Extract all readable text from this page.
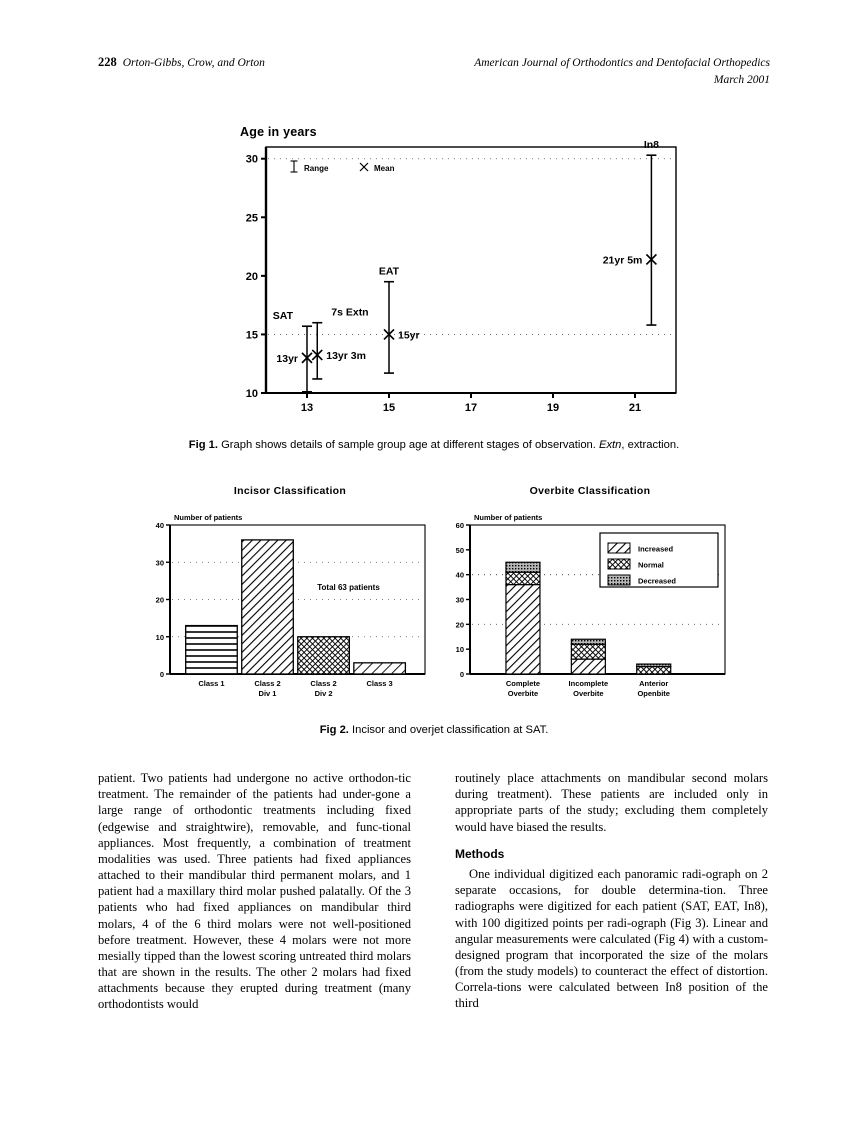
228 Orton-Gibbs, Crow, and Orton	American Journal of Orthodontics and Dentofacial Orthopedics
March 2001
Age in years
10
15
20
25
30
13	15	17	19	21
Range	Mean
SAT
13yr
7s Extn
13yr 3m
EAT
15yr
In8
21yr 5m
Fig 1. Graph shows details of sample group age at different stages of observation. Extn, extraction.
Incisor Classification
Number of patients
0
10
20
30
40
Class 1	Class 2
Div 1
Class 2
Div 2
Class 3
Total 63 patients
Overbite Classification
Number of patients
0
10
20
30
40
50
60
Complete
Overbite
Incomplete
Overbite
Anterior
Openbite
Increased
Normal
Decreased
Fig 2. Incisor and overjet classification at SAT.

patient. Two patients had undergone no active orthodon-tic treatment. The remainder of the patients had under-gone a large range of orthodontic treatments including fixed (edgewise and straightwire), removable, and func-tional appliances. Most frequently, a combination of treatment modalities was used. Three patients had fixed appliances attached to their mandibular third permanent molars, and 1 patient had a maxillary third molar pushed palatally. Of the 3 patients who had fixed appliances on mandibular third molars, 4 of the 6 third molars were not well-positioned before treatment. However, these 4 molars were not more mesially tipped than the lowest scoring untreated third molars that are shown in the results. The other 2 molars had fixed attachments because they erupted during treatment (many orthodontists would

routinely place attachments on mandibular second molars during treatment). These patients are included only in appropriate parts of the study; excluding them completely would have biased the results.

Methods

One individual digitized each panoramic radi-ograph on 2 separate occasions, for double determina-tion. Three radiographs were digitized for each patient (SAT, EAT, In8), with 100 digitized points per radi-ograph (Fig 3). Linear and angular measurements were calculated (Fig 4) with a custom-designed program that incorporated the size of the molars (from the study models) to counteract the effect of distortion. Correla-tions were calculated between In8 position of the third
